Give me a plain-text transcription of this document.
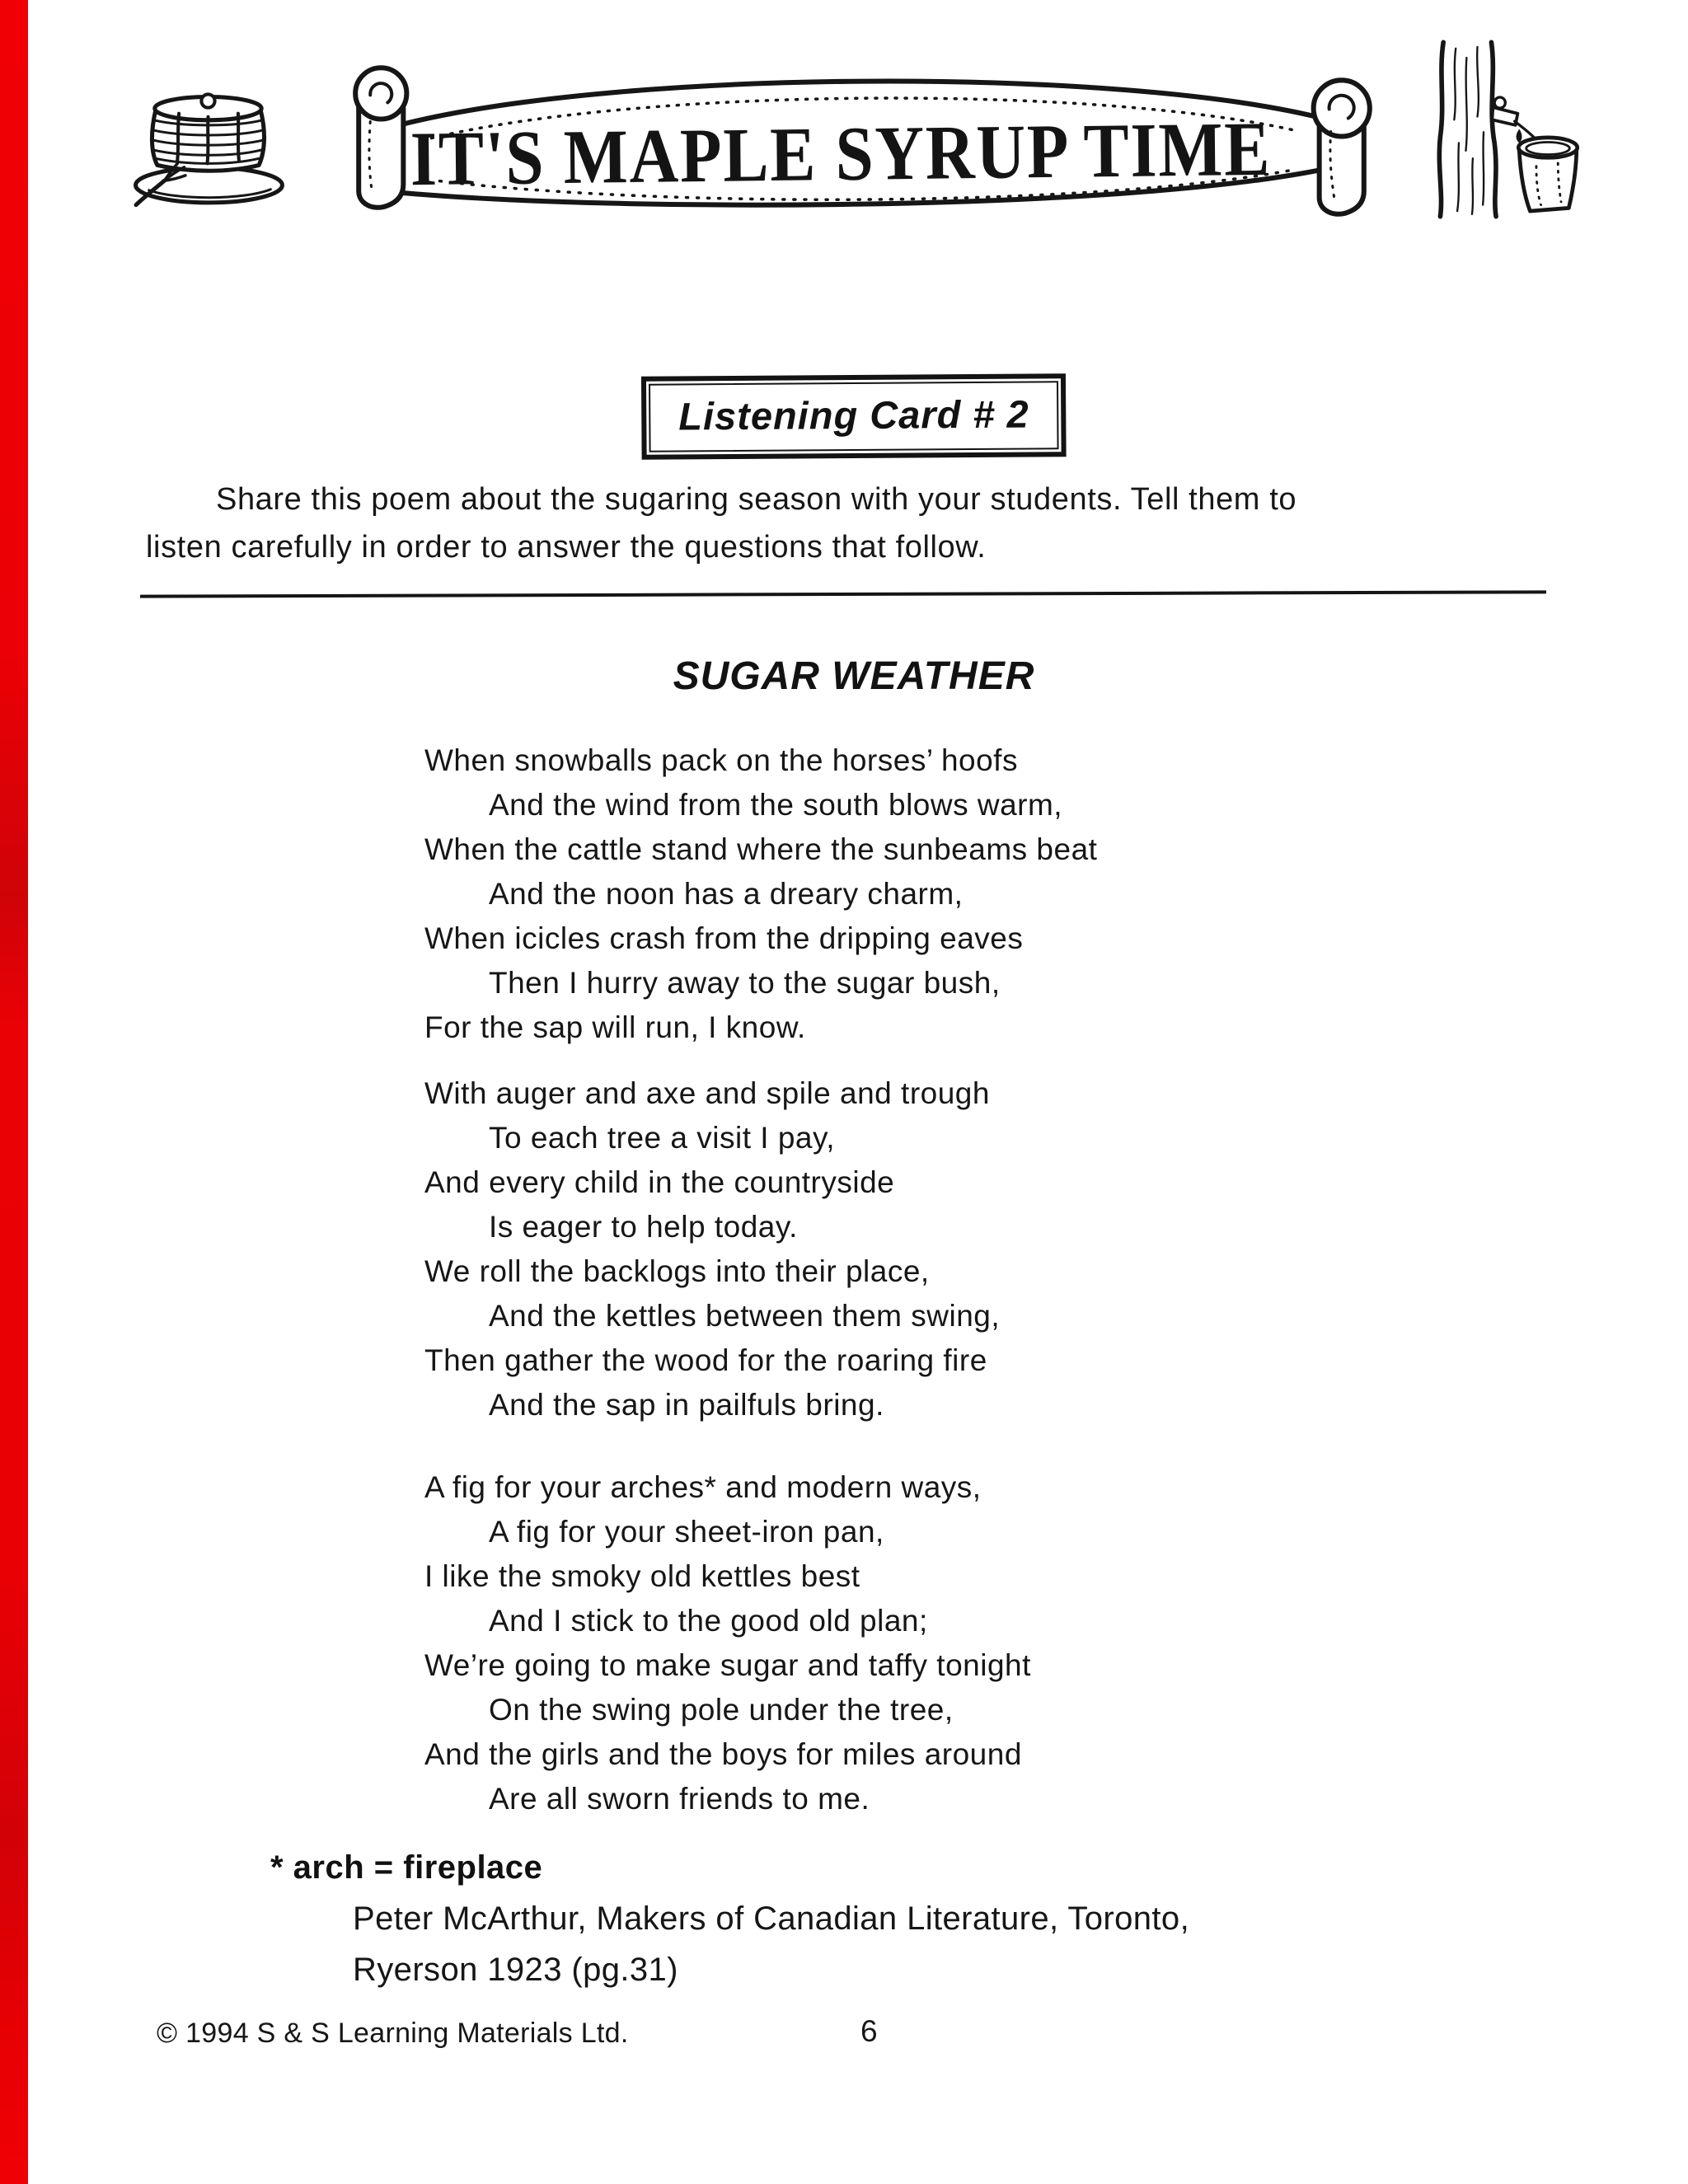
IT'S MAPLE SYRUP TIME
Listening Card # 2
Share this poem about the sugaring season with your students. Tell them to
listen carefully in order to answer the questions that follow.
SUGAR WEATHER
When snowballs pack on the horses’ hoofs
And the wind from the south blows warm,
When the cattle stand where the sunbeams beat
And the noon has a dreary charm,
When icicles crash from the dripping eaves
Then I hurry away to the sugar bush,
For the sap will run, I know.
With auger and axe and spile and trough
To each tree a visit I pay,
And every child in the countryside
Is eager to help today.
We roll the backlogs into their place,
And the kettles between them swing,
Then gather the wood for the roaring fire
And the sap in pailfuls bring.
A fig for your arches* and modern ways,
A fig for your sheet-iron pan,
I like the smoky old kettles best
And I stick to the good old plan;
We’re going to make sugar and taffy tonight
On the swing pole under the tree,
And the girls and the boys for miles around
Are all sworn friends to me.
* arch = fireplace
Peter McArthur, Makers of Canadian Literature, Toronto,
Ryerson 1923 (pg.31)
© 1994 S & S Learning Materials Ltd.	6
